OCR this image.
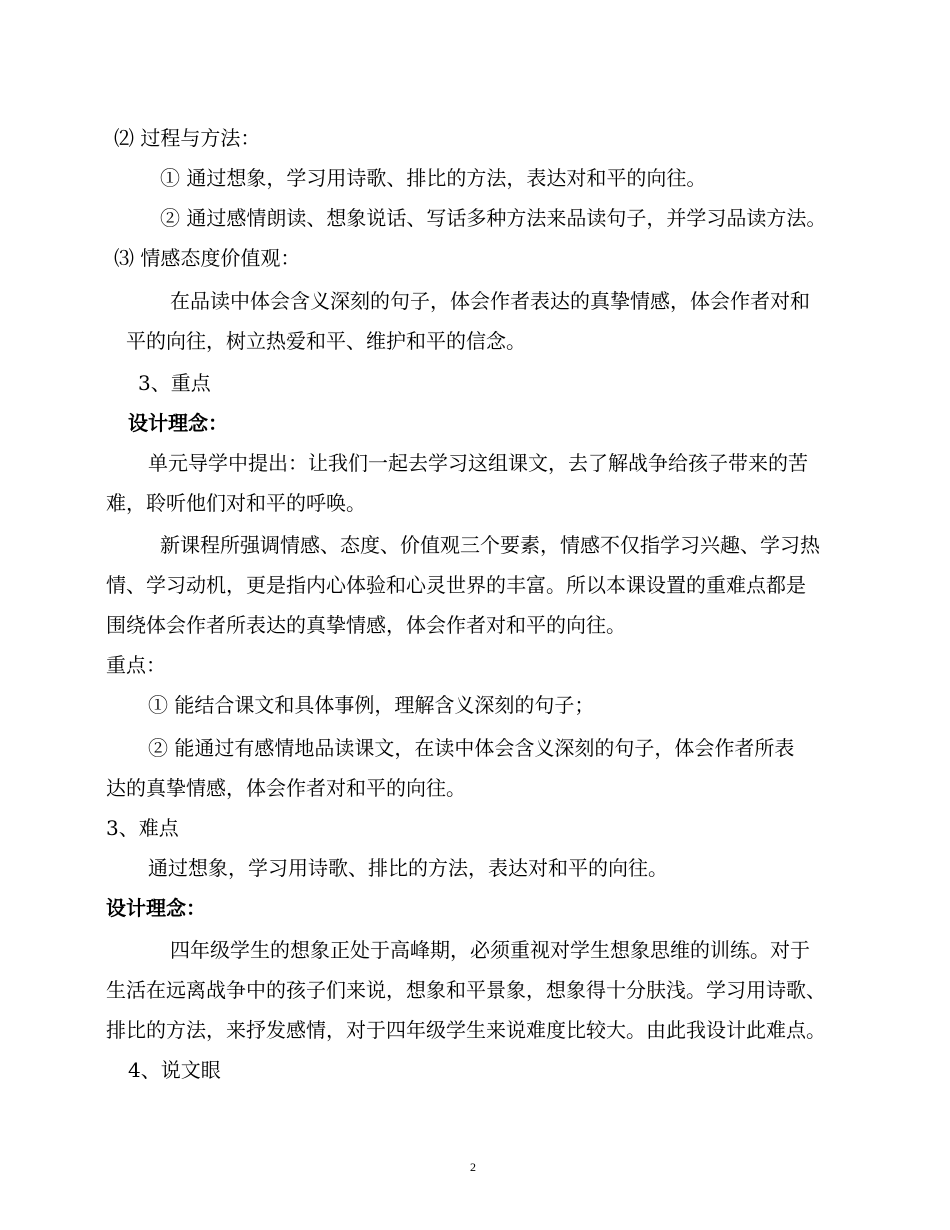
⑵ 过程与方法：
① 通过想象，学习用诗歌、排比的方法，表达对和平的向往。
② 通过感情朗读、想象说话、写话多种方法来品读句子，并学习品读方法。
⑶ 情感态度价值观：
在品读中体会含义深刻的句子，体会作者表达的真挚情感，体会作者对和
平的向往，树立热爱和平、维护和平的信念。
3、重点
设计理念：
单元导学中提出：让我们一起去学习这组课文，去了解战争给孩子带来的苦
难，聆听他们对和平的呼唤。
新课程所强调情感、态度、价值观三个要素，情感不仅指学习兴趣、学习热
情、学习动机，更是指内心体验和心灵世界的丰富。所以本课设置的重难点都是
围绕体会作者所表达的真挚情感，体会作者对和平的向往。
重点：
① 能结合课文和具体事例，理解含义深刻的句子；
② 能通过有感情地品读课文，在读中体会含义深刻的句子，体会作者所表
达的真挚情感，体会作者对和平的向往。
3、难点
通过想象，学习用诗歌、排比的方法，表达对和平的向往。
设计理念：
四年级学生的想象正处于高峰期，必须重视对学生想象思维的训练。对于
生活在远离战争中的孩子们来说，想象和平景象，想象得十分肤浅。学习用诗歌、
排比的方法，来抒发感情，对于四年级学生来说难度比较大。由此我设计此难点。
4、说文眼
2
